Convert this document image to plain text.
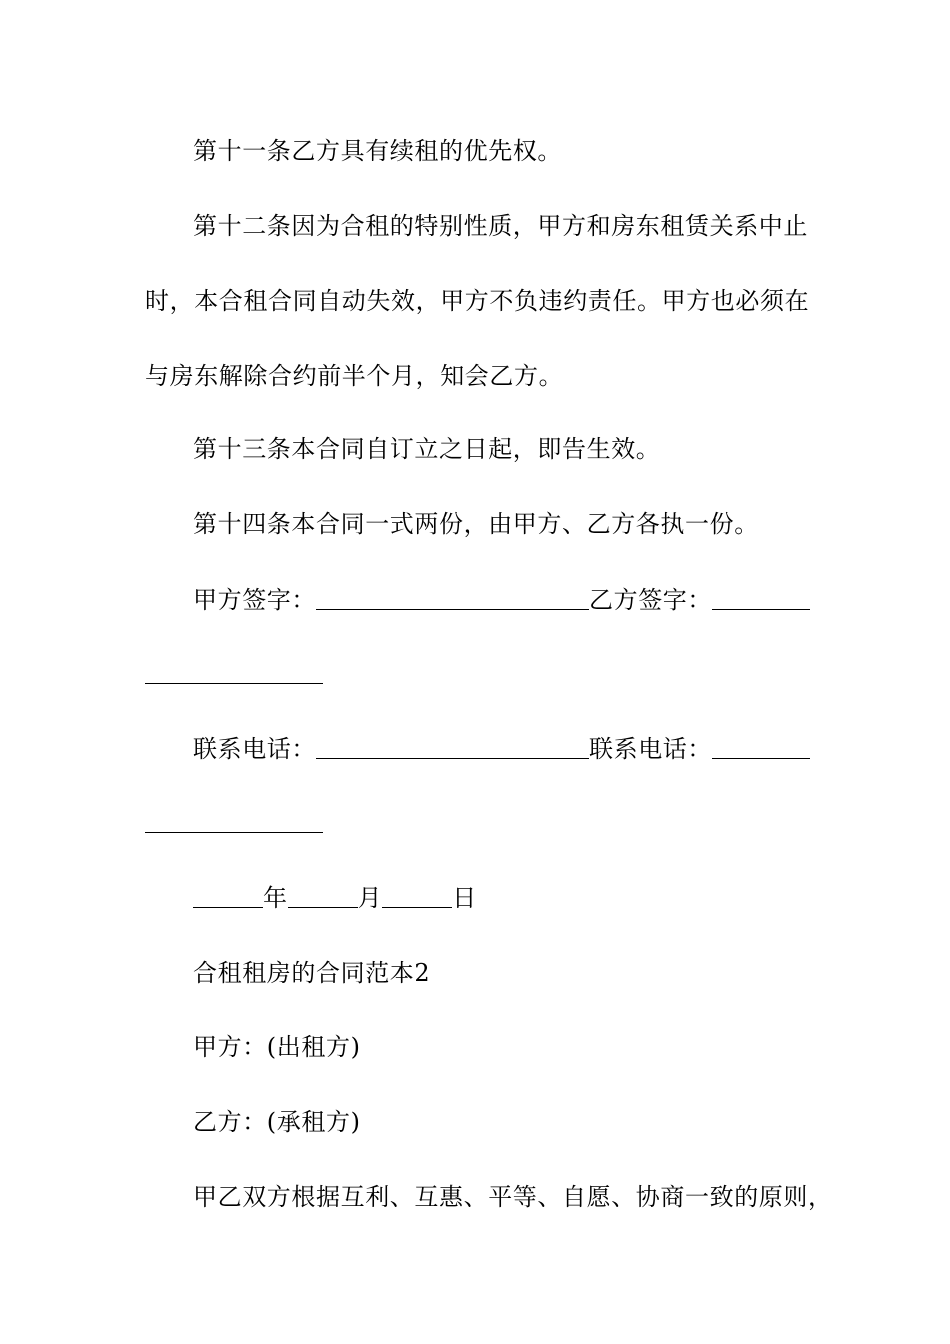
第十一条乙方具有续租的优先权。
第十二条因为合租的特别性质，甲方和房东租赁关系中止
时，本合租合同自动失效，甲方不负违约责任。甲方也必须在
与房东解除合约前半个月，知会乙方。
第十三条本合同自订立之日起，即告生效。
第十四条本合同一式两份，由甲方、乙方各执一份。
甲方签字：	乙方签字：
联系电话：	联系电话：
年	月	日
合租租房的合同范本2
甲方：(出租方)
乙方：(承租方)
甲乙双方根据互利、互惠、平等、自愿、协商一致的原则，
